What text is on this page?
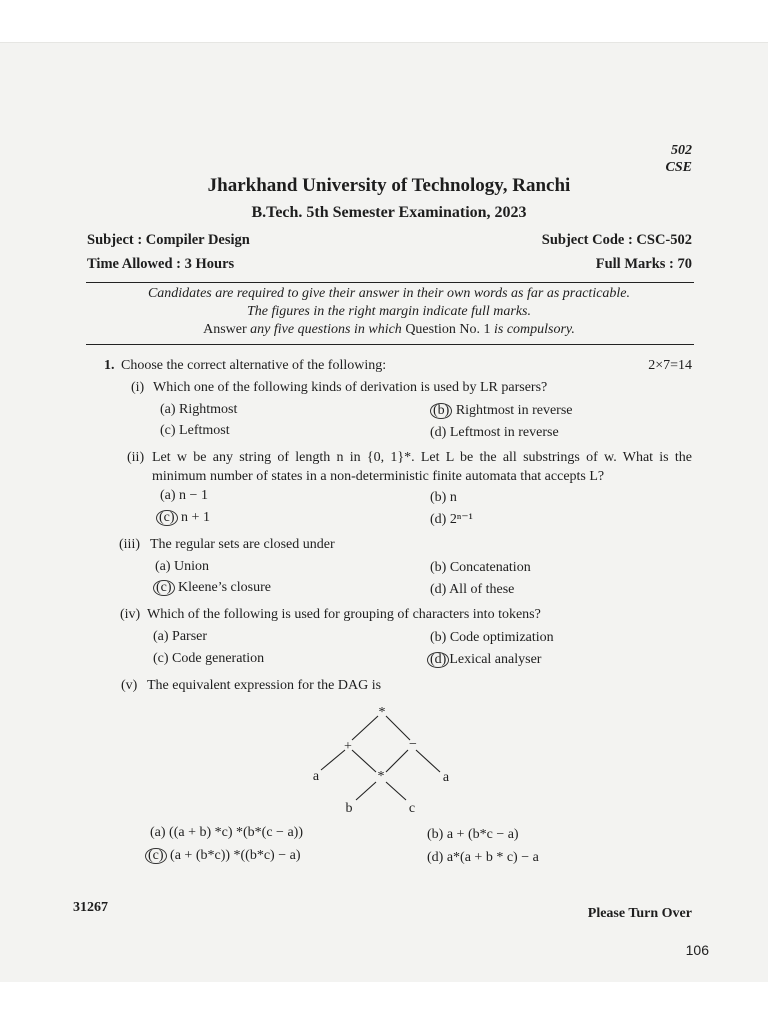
502
CSE
Jharkhand University of Technology, Ranchi
B.Tech. 5th Semester Examination, 2023
Subject : Compiler Design	Subject Code : CSC-502
Time Allowed : 3 Hours	Full Marks : 70
Candidates are required to give their answer in their own words as far as practicable.
The figures in the right margin indicate full marks.
Answer any five questions in which Question No. 1 is compulsory.
1. Choose the correct alternative of the following:	2×7=14
(i) Which one of the following kinds of derivation is used by LR parsers?
(a) Rightmost	(b) Rightmost in reverse
(c) Leftmost	(d) Leftmost in reverse
(ii) Let w be any string of length n in {0, 1}*. Let L be the all substrings of w. What is the
minimum number of states in a non-deterministic finite automata that accepts L?
(a) n − 1	(b) n
(c) n + 1	(d) 2ⁿ⁻¹
(iii) The regular sets are closed under
(a) Union	(b) Concatenation
(c) Kleene’s closure	(d) All of these
(iv) Which of the following is used for grouping of characters into tokens?
(a) Parser	(b) Code optimization
(c) Code generation	(d) Lexical analyser
(v) The equivalent expression for the DAG is
*
+	−
a	*	a
b	c
(a) ((a + b) *c) *(b*(c − a))	(b) a + (b*c − a)
(c) (a + (b*c)) *((b*c) − a)	(d) a*(a + b * c) − a
31267	Please Turn Over
106
